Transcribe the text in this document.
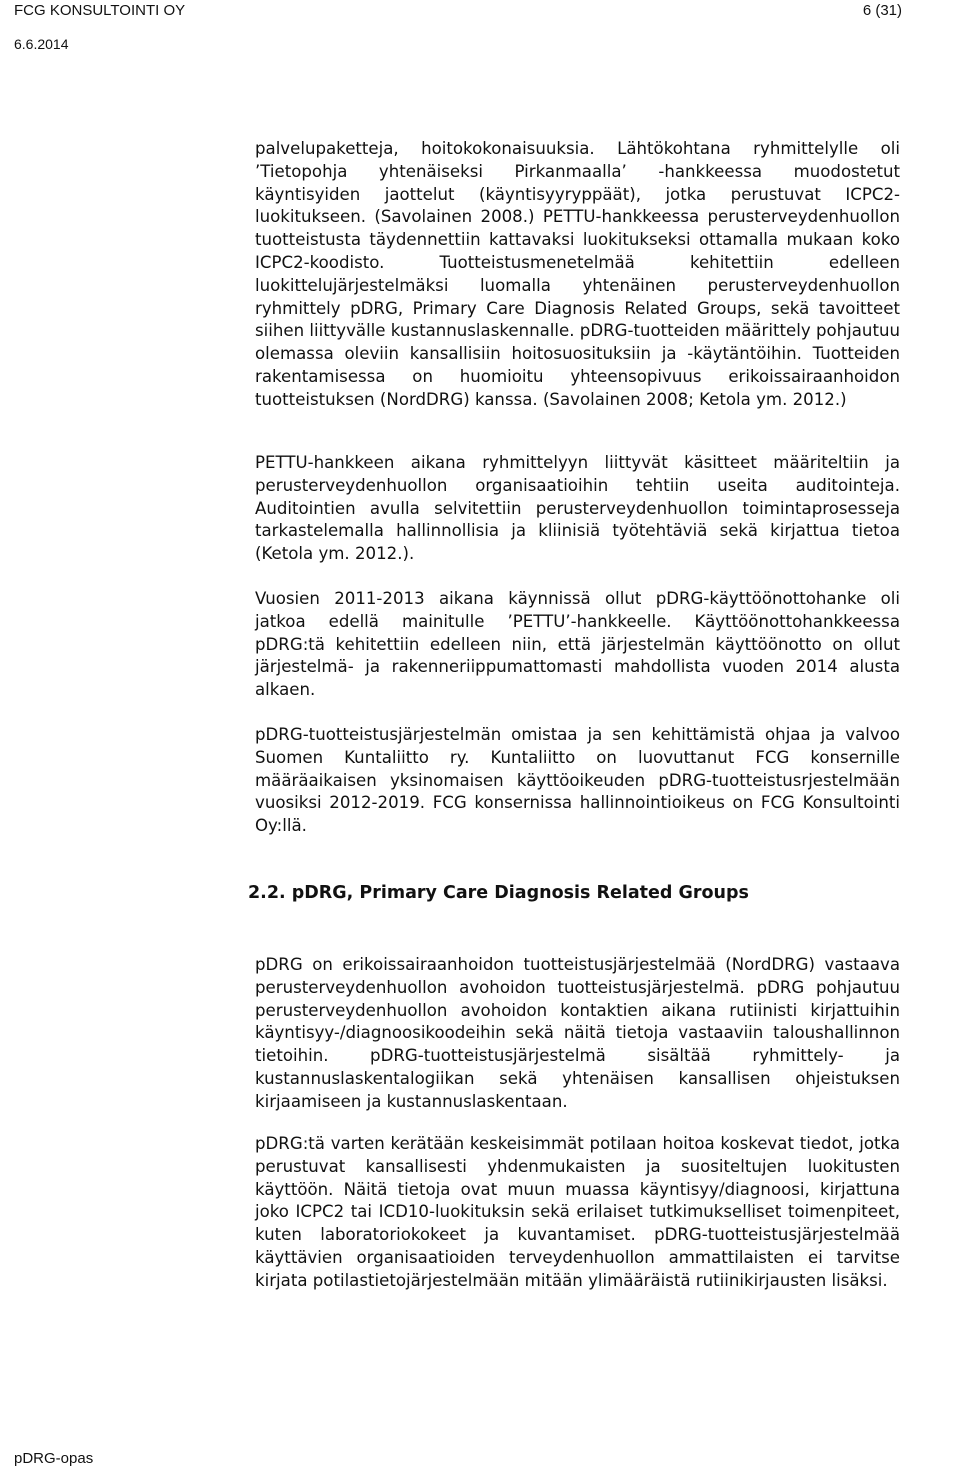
FCG KONSULTOINTI OY	6 (31)
6.6.2014

palvelupaketteja, hoitokokonaisuuksia. Lähtökohtana ryhmittelylle oli ’Tietopohja yhtenäiseksi Pirkanmaalla’ -hankkeessa muodostetut käyntisyiden jaottelut (käyntisyyryppäät), jotka perustuvat ICPC2-luokitukseen. (Savolainen 2008.) PETTU-hankkeessa perusterveydenhuollon tuotteistusta täydennettiin kattavaksi luokitukseksi ottamalla mukaan koko ICPC2-koodisto. Tuotteistusmenetelmää kehitettiin edelleen luokittelujärjestelmäksi luomalla yhtenäinen perusterveydenhuollon ryhmittely pDRG, Primary Care Diagnosis Related Groups, sekä tavoitteet siihen liittyvälle kustannuslaskennalle. pDRG-tuotteiden määrittely pohjautuu olemassa oleviin kansallisiin hoitosuosituksiin ja -käytäntöihin. Tuotteiden rakentamisessa on huomioitu yhteensopivuus erikoissairaanhoidon tuotteistuksen (NordDRG) kanssa. (Savolainen 2008; Ketola ym. 2012.)

PETTU-hankkeen aikana ryhmittelyyn liittyvät käsitteet määriteltiin ja perusterveydenhuollon organisaatioihin tehtiin useita auditointeja. Auditointien avulla selvitettiin perusterveydenhuollon toimintaprosesseja tarkastelemalla hallinnollisia ja kliinisiä työtehtäviä sekä kirjattua tietoa (Ketola ym. 2012.).

Vuosien 2011-2013 aikana käynnissä ollut pDRG-käyttöönottohanke oli jatkoa edellä mainitulle ’PETTU’-hankkeelle. Käyttöönottohankkeessa pDRG:tä kehitettiin edelleen niin, että järjestelmän käyttöönotto on ollut järjestelmä- ja rakenneriippumattomasti mahdollista vuoden 2014 alusta alkaen.

pDRG-tuotteistusjärjestelmän omistaa ja sen kehittämistä ohjaa ja valvoo Suomen Kuntaliitto ry. Kuntaliitto on luovuttanut FCG konsernille määräaikaisen yksinomaisen käyttöoikeuden pDRG-tuotteistusrjestelmään vuosiksi 2012-2019. FCG konsernissa hallinnointioikeus on FCG Konsultointi Oy:llä.

2.2. pDRG, Primary Care Diagnosis Related Groups

pDRG on erikoissairaanhoidon tuotteistusjärjestelmää (NordDRG) vastaava perusterveydenhuollon avohoidon tuotteistusjärjestelmä. pDRG pohjautuu perusterveydenhuollon avohoidon kontaktien aikana rutiinisti kirjattuihin käyntisyy-/diagnoosikoodeihin sekä näitä tietoja vastaaviin taloushallinnon tietoihin. pDRG-tuotteistusjärjestelmä sisältää ryhmittely- ja kustannuslaskentalogiikan sekä yhtenäisen kansallisen ohjeistuksen kirjaamiseen ja kustannuslaskentaan.

pDRG:tä varten kerätään keskeisimmät potilaan hoitoa koskevat tiedot, jotka perustuvat kansallisesti yhdenmukaisten ja suositeltujen luokitusten käyttöön. Näitä tietoja ovat muun muassa käyntisyy/diagnoosi, kirjattuna joko ICPC2 tai ICD10-luokituksin sekä erilaiset tutkimukselliset toimenpiteet, kuten laboratoriokokeet ja kuvantamiset. pDRG-tuotteistusjärjestelmää käyttävien organisaatioiden terveydenhuollon ammattilaisten ei tarvitse kirjata potilastietojärjestelmään mitään ylimääräistä rutiinikirjausten lisäksi.

pDRG-opas
